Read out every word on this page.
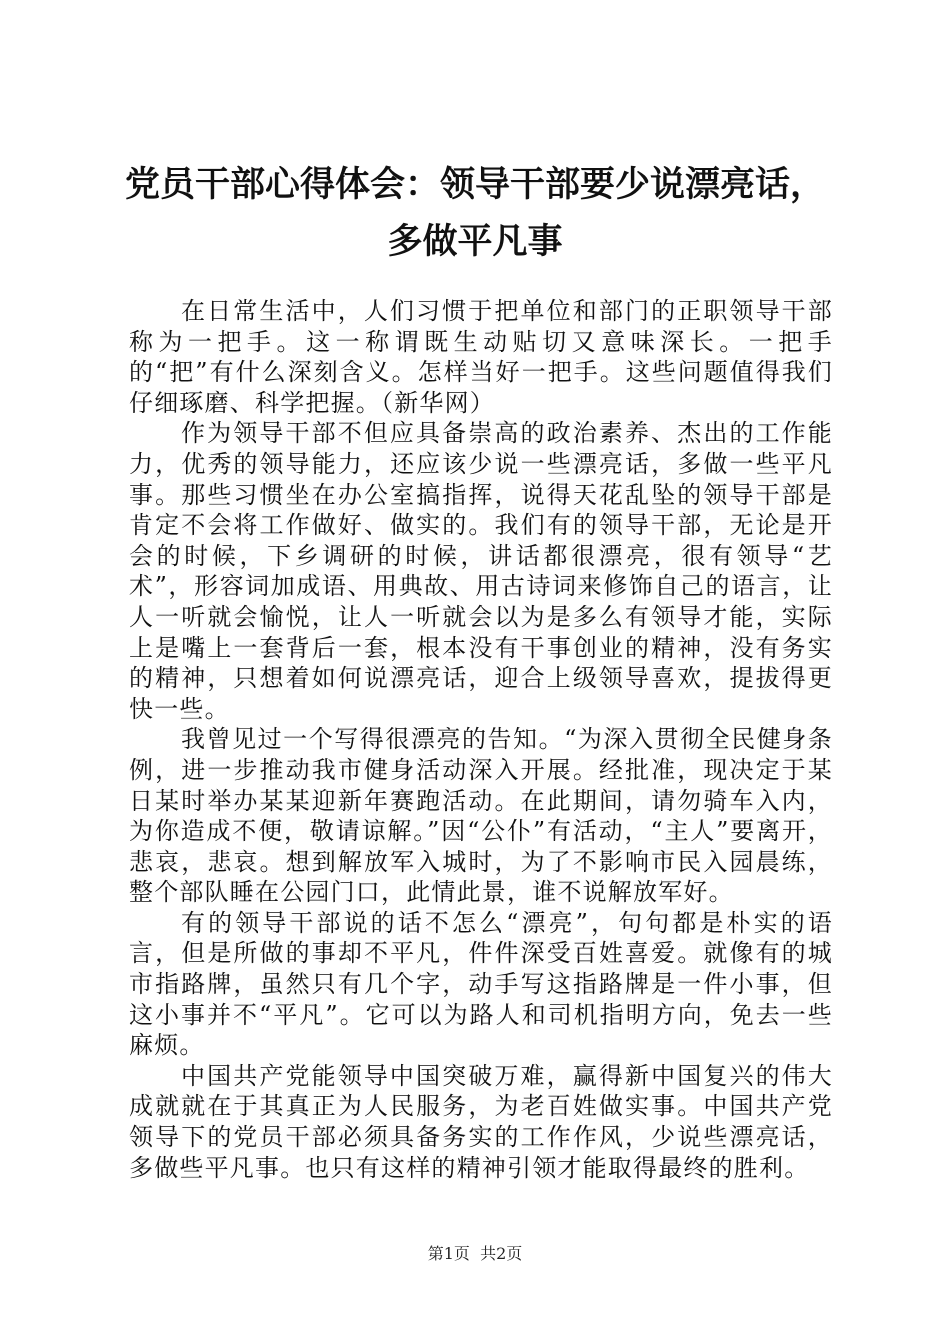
党员干部心得体会：领导干部要少说漂亮话，
多做平凡事

在日常生活中，人们习惯于把单位和部门的正职领导干部称为一把手。这一称谓既生动贴切又意味深长。一把手的“把”有什么深刻含义。怎样当好一把手。这些问题值得我们仔细琢磨、科学把握。（新华网）

作为领导干部不但应具备崇高的政治素养、杰出的工作能力，优秀的领导能力，还应该少说一些漂亮话，多做一些平凡事。那些习惯坐在办公室搞指挥，说得天花乱坠的领导干部是肯定不会将工作做好、做实的。我们有的领导干部，无论是开会的时候，下乡调研的时候，讲话都很漂亮，很有领导“艺术”，形容词加成语、用典故、用古诗词来修饰自己的语言，让人一听就会愉悦，让人一听就会以为是多么有领导才能，实际上是嘴上一套背后一套，根本没有干事创业的精神，没有务实的精神，只想着如何说漂亮话，迎合上级领导喜欢，提拔得更快一些。

我曾见过一个写得很漂亮的告知。“为深入贯彻全民健身条例，进一步推动我市健身活动深入开展。经批准，现决定于某日某时举办某某迎新年赛跑活动。在此期间，请勿骑车入内，为你造成不便，敬请谅解。”因“公仆”有活动，“主人”要离开，悲哀，悲哀。想到解放军入城时，为了不影响市民入园晨练，整个部队睡在公园门口，此情此景，谁不说解放军好。

有的领导干部说的话不怎么“漂亮”，句句都是朴实的语言，但是所做的事却不平凡，件件深受百姓喜爱。就像有的城市指路牌，虽然只有几个字，动手写这指路牌是一件小事，但这小事并不“平凡”。它可以为路人和司机指明方向，免去一些麻烦。

中国共产党能领导中国突破万难，赢得新中国复兴的伟大成就就在于其真正为人民服务，为老百姓做实事。中国共产党领导下的党员干部必须具备务实的工作作风，少说些漂亮话，多做些平凡事。也只有这样的精神引领才能取得最终的胜利。

第1页  共2页
